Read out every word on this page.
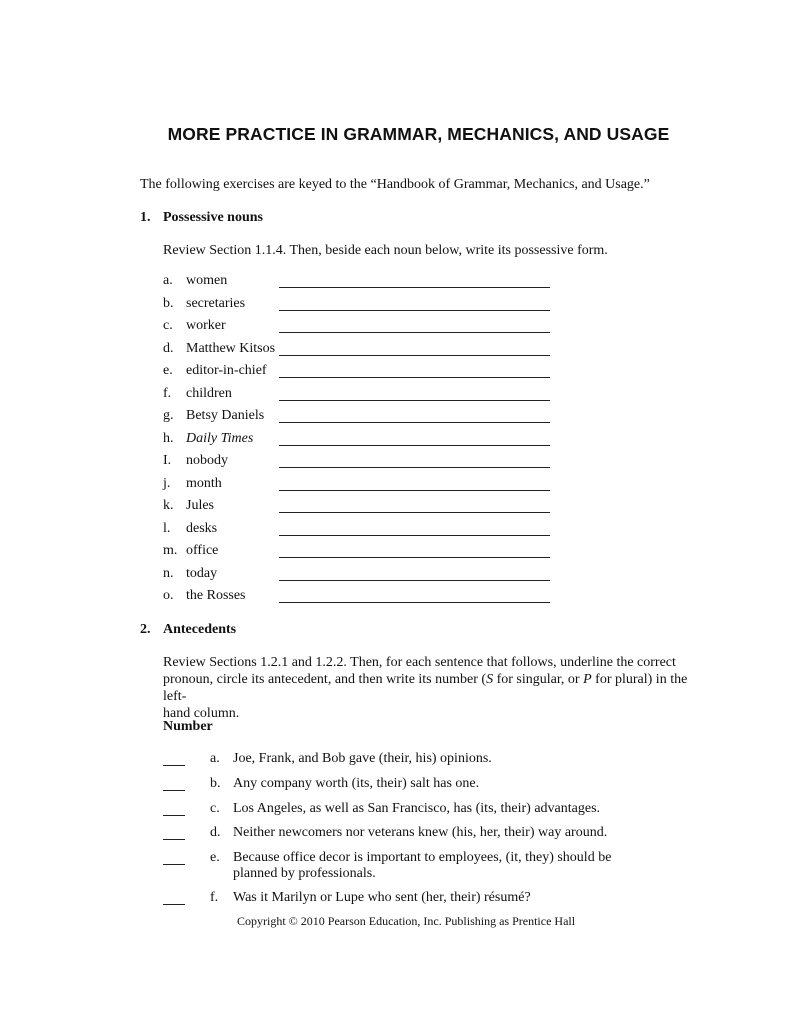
MORE PRACTICE IN GRAMMAR, MECHANICS, AND USAGE
The following exercises are keyed to the “Handbook of Grammar, Mechanics, and Usage.”
1. Possessive nouns
Review Section 1.1.4. Then, beside each noun below, write its possessive form.
a. women
b. secretaries
c. worker
d. Matthew Kitsos
e. editor-in-chief
f. children
g. Betsy Daniels
h. Daily Times
I. nobody
j. month
k. Jules
l. desks
m. office
n. today
o. the Rosses
2. Antecedents
Review Sections 1.2.1 and 1.2.2. Then, for each sentence that follows, underline the correct
pronoun, circle its antecedent, and then write its number (S for singular, or P for plural) in the left-
hand column.
Number
a. Joe, Frank, and Bob gave (their, his) opinions.
b. Any company worth (its, their) salt has one.
c. Los Angeles, as well as San Francisco, has (its, their) advantages.
d. Neither newcomers nor veterans knew (his, her, their) way around.
e. Because office decor is important to employees, (it, they) should be planned by professionals.
f. Was it Marilyn or Lupe who sent (her, their) résumé?
Copyright © 2010 Pearson Education, Inc. Publishing as Prentice Hall
